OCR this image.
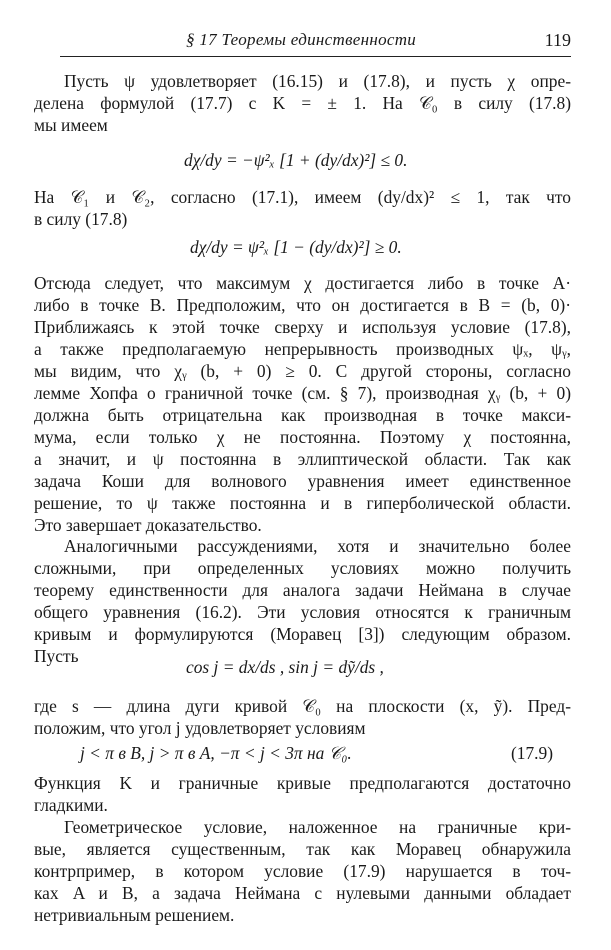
§ 17 Теоремы единственности	119
Пусть ψ удовлетворяет (16.15) и (17.8), и пусть χ опре-
делена формулой (17.7) с K = ± 1. На 𝒞₀ в силу (17.8)
мы имеем
dχ/dy = −ψ²ₓ [1 + (dy/dx)²] ≤ 0.
На 𝒞₁ и 𝒞₂, согласно (17.1), имеем (dy/dx)² ≤ 1, так что
в силу (17.8)
dχ/dy = ψ²ₓ [1 − (dy/dx)²] ≥ 0.
Отсюда следует, что максимум χ достигается либо в точке A·
либо в точке B. Предположим, что он достигается в B = (b, 0)·
Приближаясь к этой точке сверху и используя условие (17.8),
а также предполагаемую непрерывность производных ψₓ, ψᵧ,
мы видим, что χᵧ (b, + 0) ≥ 0. С другой стороны, согласно
лемме Хопфа о граничной точке (см. § 7), производная χᵧ (b, + 0)
должна быть отрицательна как производная в точке макси-
мума, если только χ не постоянна. Поэтому χ постоянна,
а значит, и ψ постоянна в эллиптической области. Так как
задача Коши для волнового уравнения имеет единственное
решение, то ψ также постоянна и в гиперболической области.
Это завершает доказательство.
Аналогичными рассуждениями, хотя и значительно более
сложными, при определенных условиях можно получить
теорему единственности для аналога задачи Неймана в случае
общего уравнения (16.2). Эти условия относятся к граничным
кривым и формулируются (Моравец [3]) следующим образом.
Пусть
cos j = dx/ds , sin j = dỹ/ds ,
где s — длина дуги кривой 𝒞₀ на плоскости (x, ỹ). Пред-
положим, что угол j удовлетворяет условиям
j < π в B, j > π в A, −π < j < 3π на 𝒞₀.	(17.9)
Функция K и граничные кривые предполагаются достаточно
гладкими.
Геометрическое условие, наложенное на граничные кри-
вые, является существенным, так как Моравец обнаружила
контрпример, в котором условие (17.9) нарушается в точ-
ках A и B, а задача Неймана с нулевыми данными обладает
нетривиальным решением.
